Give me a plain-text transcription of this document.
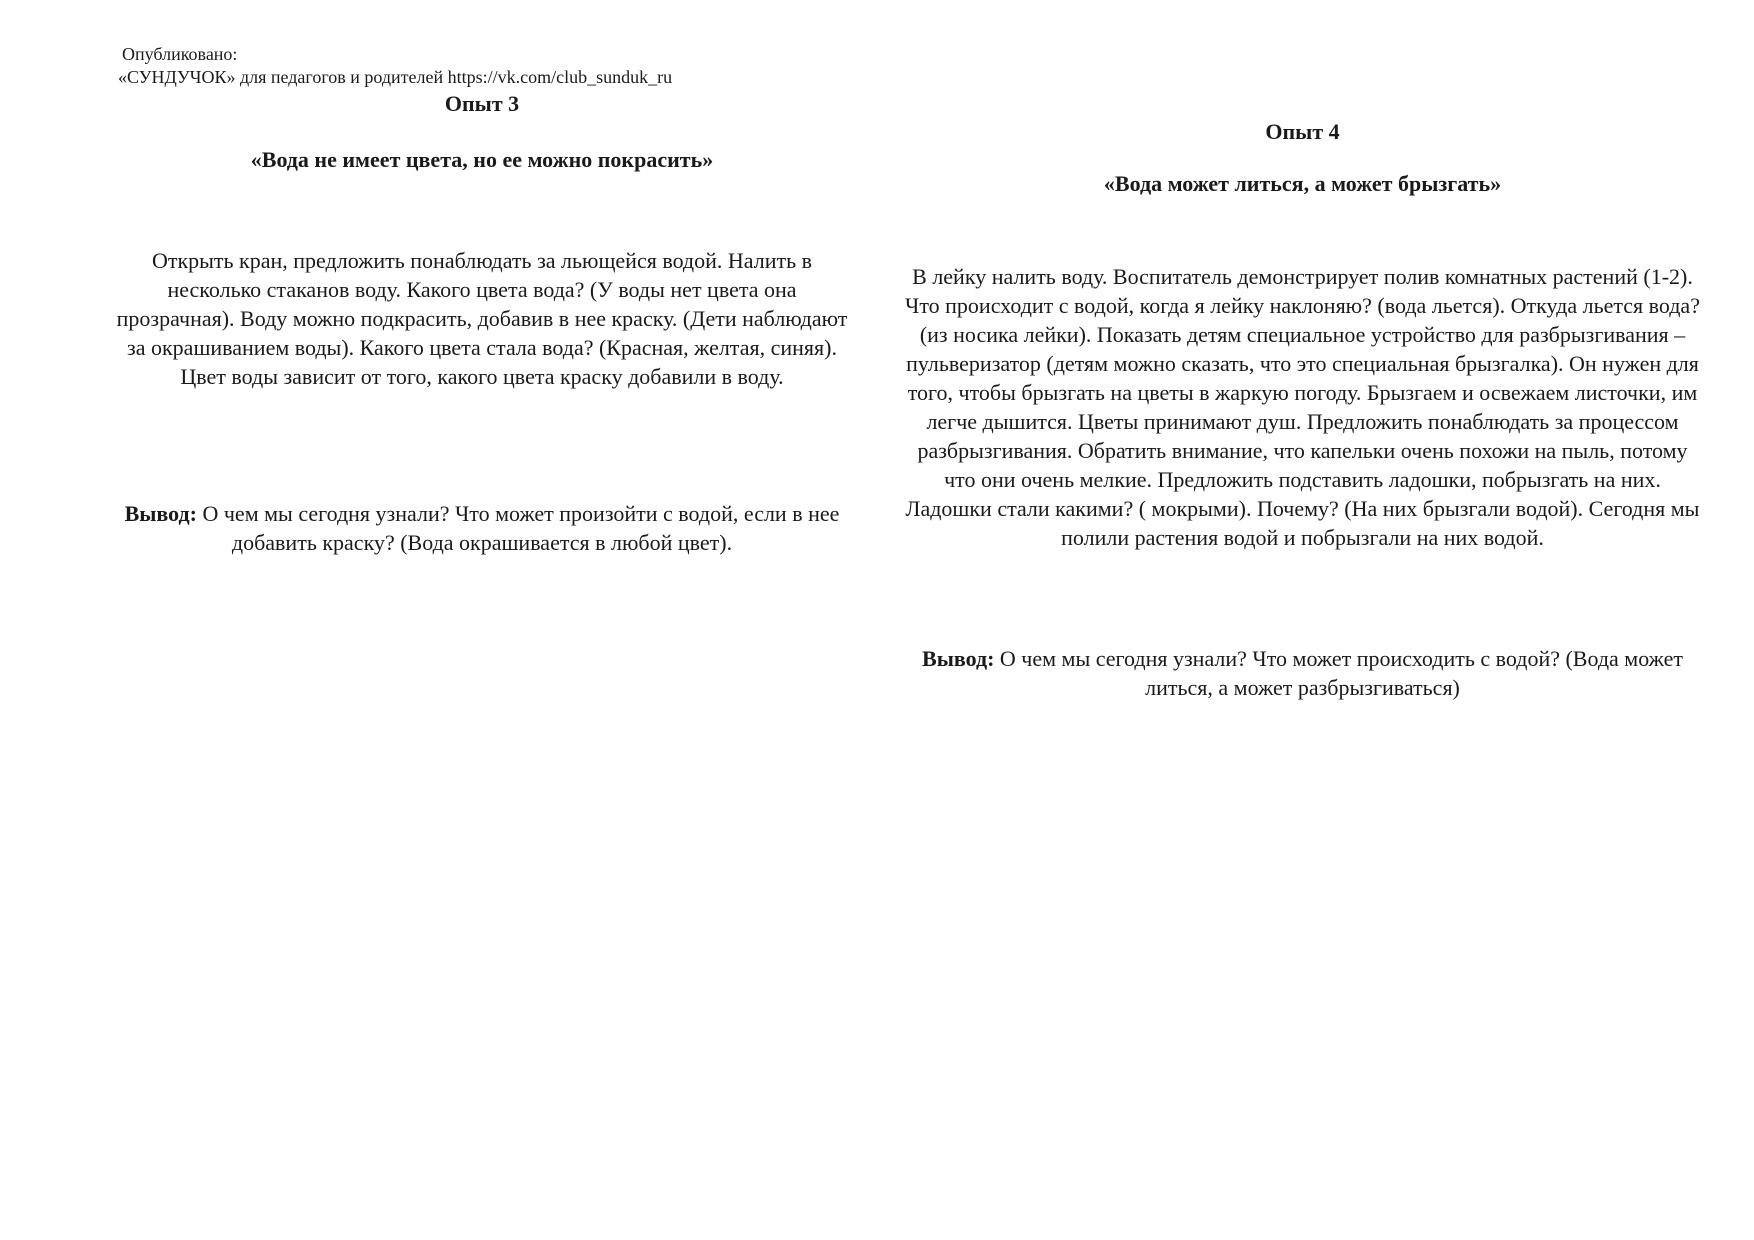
Опубликовано:
«СУНДУЧОК» для педагогов и родителей https://vk.com/club_sunduk_ru

Опыт 3

«Вода не имеет цвета, но ее можно покрасить»

Открыть кран, предложить понаблюдать за льющейся водой. Налить в несколько стаканов воду. Какого цвета вода? (У воды нет цвета она прозрачная). Воду можно подкрасить, добавив в нее краску. (Дети наблюдают за окрашиванием воды). Какого цвета стала вода? (Красная, желтая, синяя). Цвет воды зависит от того, какого цвета краску добавили в воду.

Вывод: О чем мы сегодня узнали? Что может произойти с водой, если в нее добавить краску? (Вода окрашивается в любой цвет).

Опыт 4

«Вода может литься, а может брызгать»

В лейку налить воду. Воспитатель демонстрирует полив комнатных растений (1-2). Что происходит с водой, когда я лейку наклоняю? (вода льется). Откуда льется вода? (из носика лейки). Показать детям специальное устройство для разбрызгивания – пульверизатор (детям можно сказать, что это специальная брызгалка). Он нужен для того, чтобы брызгать на цветы в жаркую погоду. Брызгаем и освежаем листочки, им легче дышится. Цветы принимают душ. Предложить понаблюдать за процессом разбрызгивания. Обратить внимание, что капельки очень похожи на пыль, потому что они очень мелкие. Предложить подставить ладошки, побрызгать на них. Ладошки стали какими? ( мокрыми). Почему? (На них брызгали водой). Сегодня мы полили растения водой и побрызгали на них водой.

Вывод: О чем мы сегодня узнали? Что может происходить с водой? (Вода может литься, а может разбрызгиваться)
